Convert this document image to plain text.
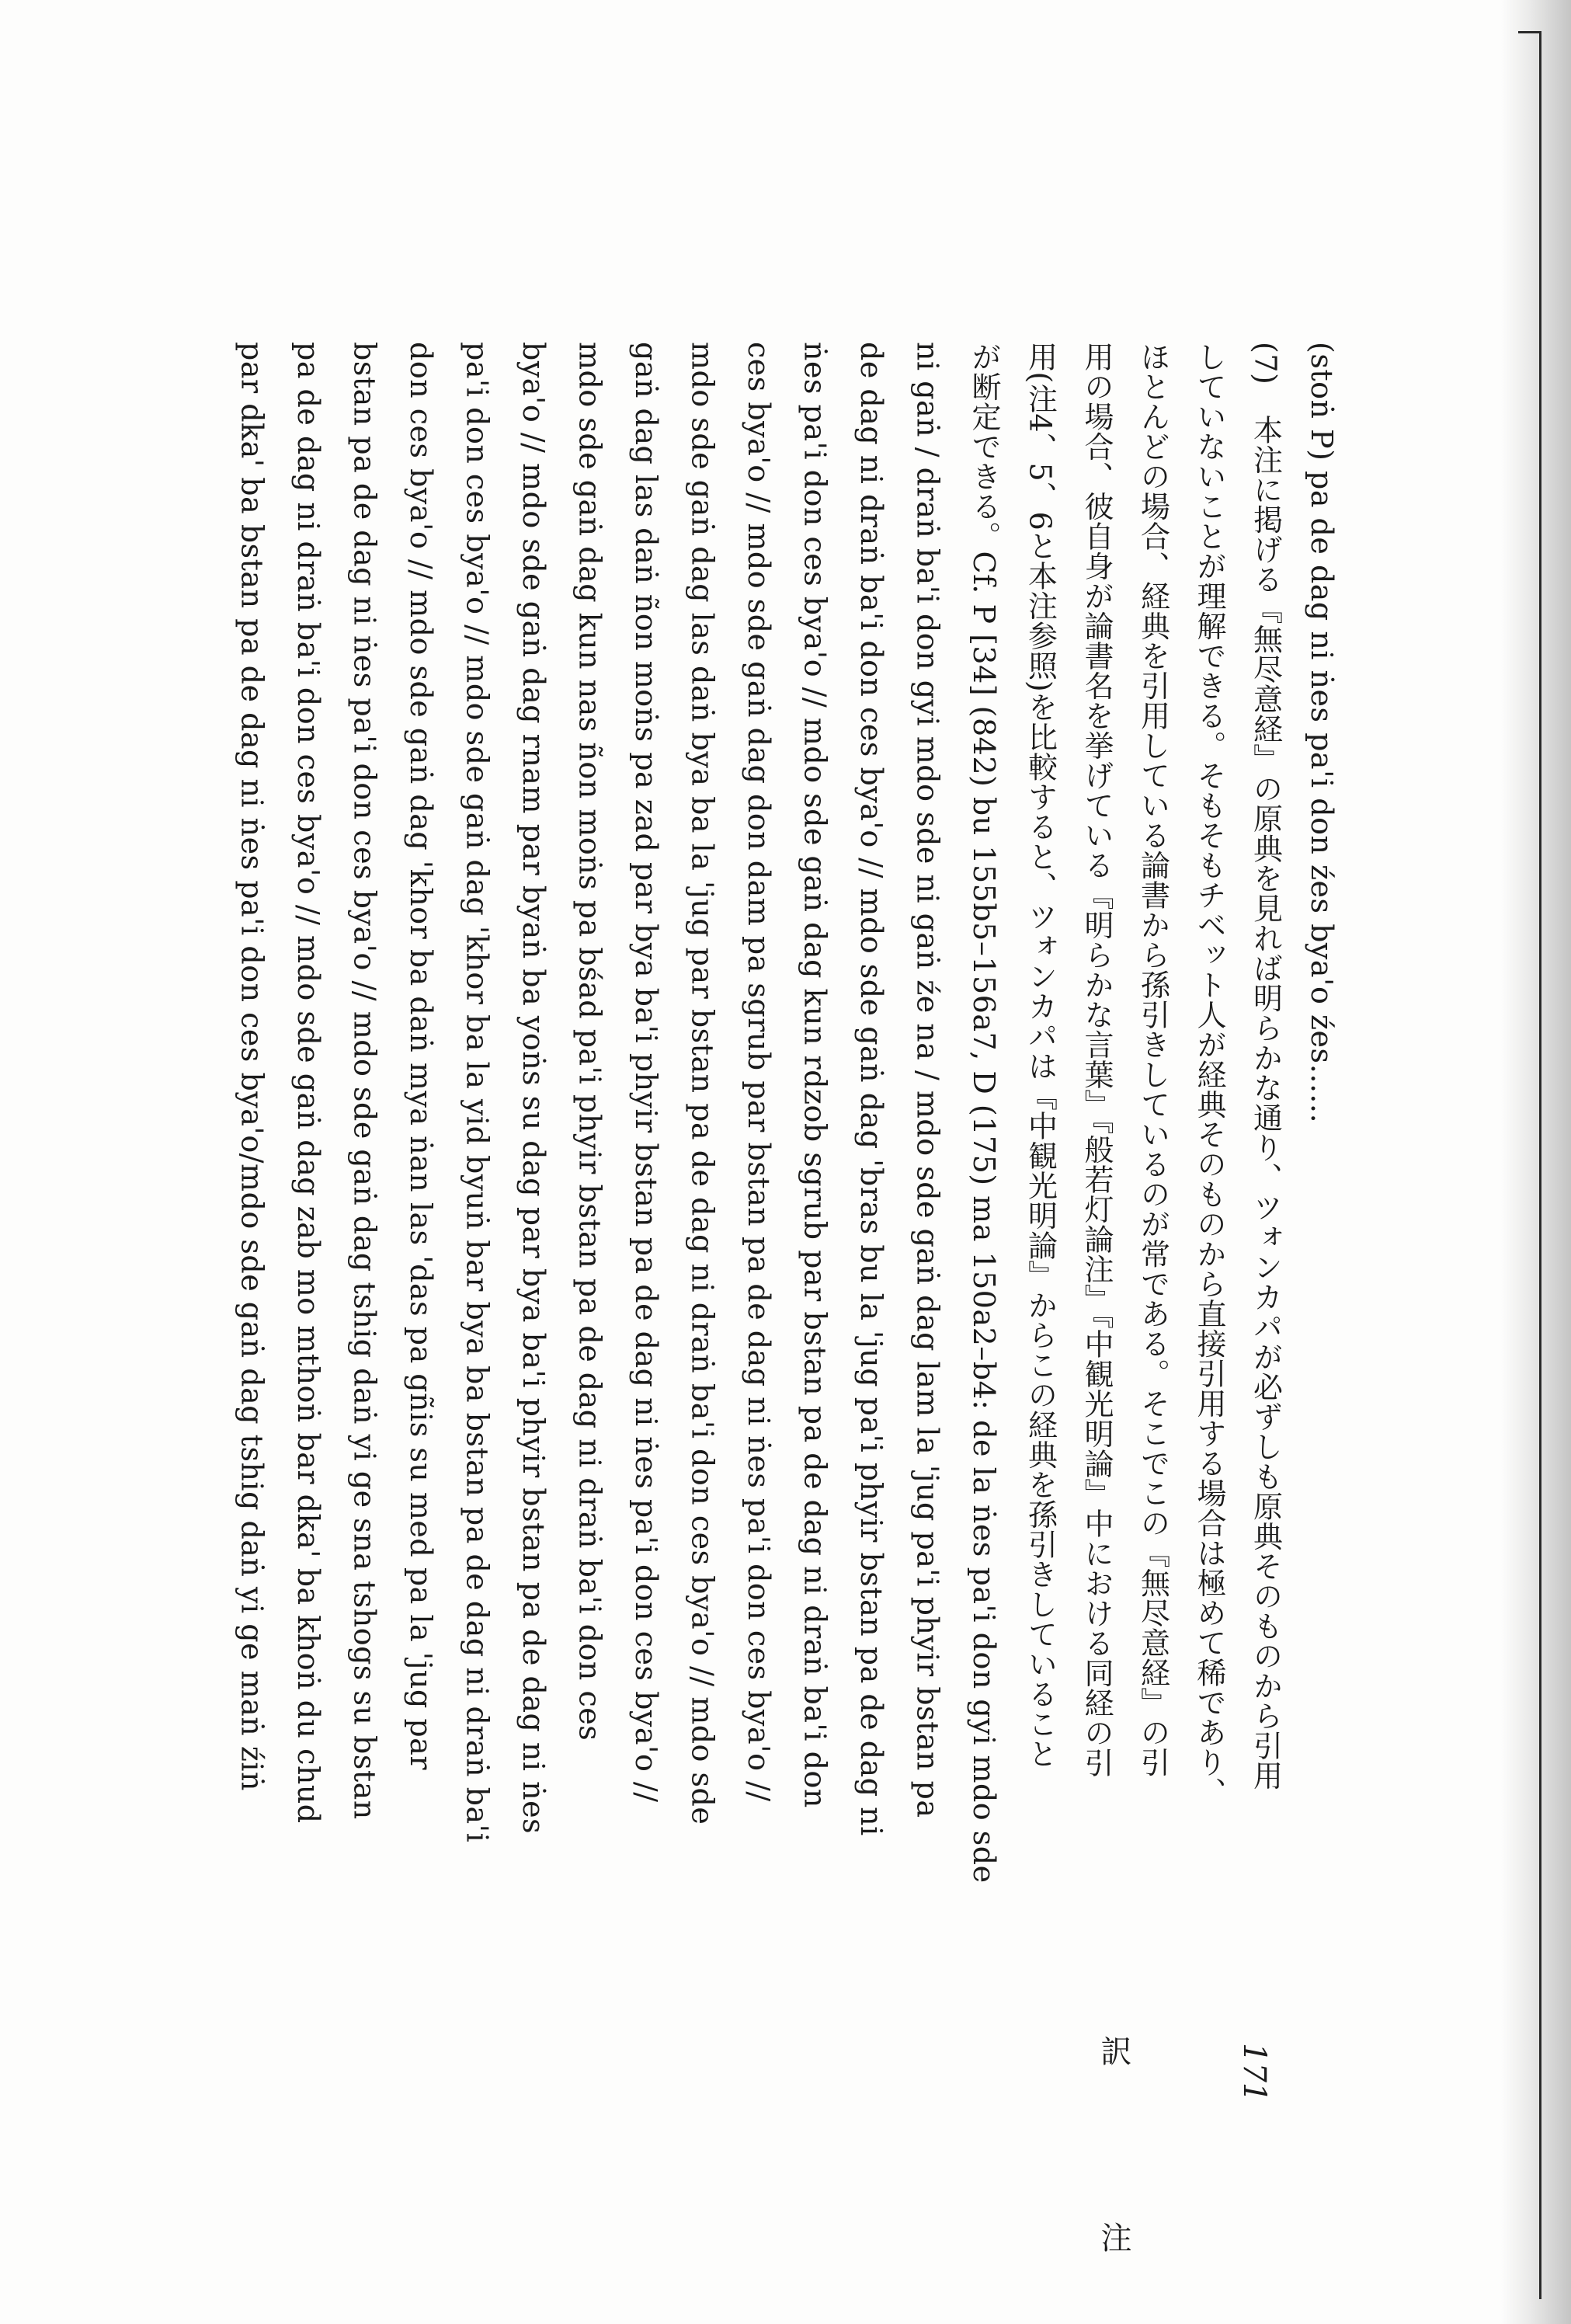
(stoṅ P) pa de dag ni ṅes pa'i don źes bya'o źes……
(7)　本注に掲げる『無尽意経』の原典を見れば明らかな通り、ツォンカパが必ずしも原典そのものから引用
していないことが理解できる。そもそもチベット人が経典そのものから直接引用する場合は極めて稀であり、
ほとんどの場合、経典を引用している論書から孫引きしているのが常である。そこでこの『無尽意経』の引
用の場合、彼自身が論書名を挙げている『明らかな言葉』『般若灯論注』『中観光明論』中における同経の引
用(注4、5、6と本注参照)を比較すると、ツォンカパは『中観光明論』からこの経典を孫引きしていること
が断定できる。Cf. P [34] (842) bu 155b5–156a7, D (175) ma 150a2–b4: de la ṅes pa'i don gyi mdo sde
ni gaṅ / draṅ ba'i don gyi mdo sde ni gaṅ źe na / mdo sde gaṅ dag lam la 'jug pa'i phyir bstan pa
de dag ni draṅ ba'i don ces bya'o // mdo sde gaṅ dag 'bras bu la 'jug pa'i phyir bstan pa de dag ni
ṅes pa'i don ces bya'o // mdo sde gaṅ dag kun rdzob sgrub par bstan pa de dag ni draṅ ba'i don
ces bya'o // mdo sde gaṅ dag don dam pa sgrub par bstan pa de dag ni ṅes pa'i don ces bya'o //
mdo sde gaṅ dag las daṅ bya ba la 'jug par bstan pa de dag ni draṅ ba'i don ces bya'o // mdo sde
gaṅ dag las daṅ ñon moṅs pa zad par bya ba'i phyir bstan pa de dag ni ṅes pa'i don ces bya'o //
mdo sde gaṅ dag kun nas ñon moṅs pa bśad pa'i phyir bstan pa de dag ni draṅ ba'i don ces
bya'o // mdo sde gaṅ dag rnam par byaṅ ba yoṅs su dag par bya ba'i phyir bstan pa de dag ni ṅes
pa'i don ces bya'o // mdo sde gaṅ dag 'khor ba la yid byuṅ bar bya ba bstan pa de dag ni draṅ ba'i
don ces bya'o // mdo sde gaṅ dag 'khor ba daṅ mya ṅan las 'das pa gñis su med pa la 'jug par
bstan pa de dag ni ṅes pa'i don ces bya'o // mdo sde gaṅ dag tshig daṅ yi ge sna tshogs su bstan
pa de dag ni draṅ ba'i don ces bya'o // mdo sde gaṅ dag zab mo mthoṅ bar dka' ba khoṅ du chud
par dka' ba bstan pa de dag ni ṅes pa'i don ces bya'o/mdo sde gaṅ dag tshig daṅ yi ge maṅ źiṅ
171
訳　注
